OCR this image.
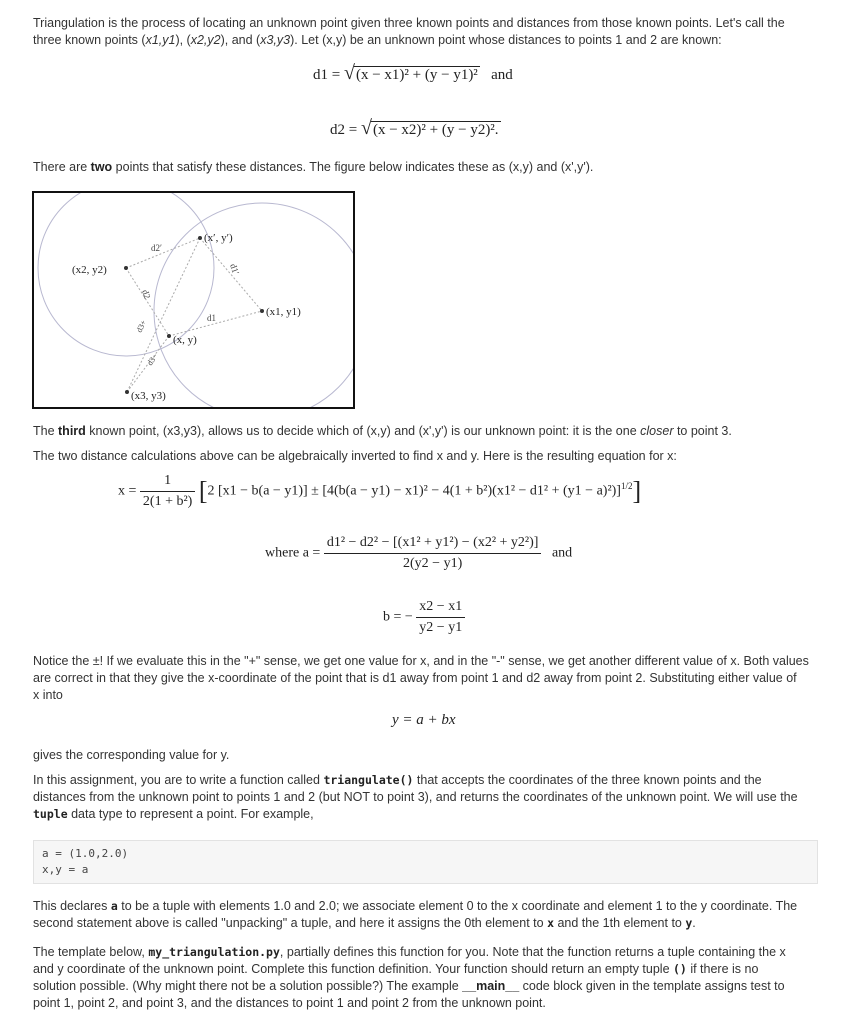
Triangulation is the process of locating an unknown point given three known points and distances from those known points. Let's call the
three known points (x1,y1), (x2,y2), and (x3,y3). Let (x,y) be an unknown point whose distances to points 1 and 2 are known:
d1 = √(x − x1)² + (y − y1)² and
d2 = √(x − x2)² + (y − y2)².
There are two points that satisfy these distances. The figure below indicates these as (x,y) and (x',y').
(x2, y2)
(x1, y1)
(x3, y3)
(x, y)
(x′, y′)
d2′
d1′
d1
d2
d3+
d3−
The third known point, (x3,y3), allows us to decide which of (x,y) and (x',y') is our unknown point: it is the one closer to point 3.
The two distance calculations above can be algebraically inverted to find x and y. Here is the resulting equation for x:
$x = \frac{1}{\text{2(1 + b²)}} [2$ $[x1 - b(a - y1)] \pm [4(b(a - y1) - x1)^2 - 4(1 + b^2)(x1^2 - d1^2 + (y1 - a)^2)]^{1/2}$]
where $a = \frac{\text{d1² − d2² − [(x1² + y1²) − (x2² + y2²)]}}{2(y2 - y1)}$ and
b = − $\frac{x2 - x1}{y2 - y1}$
Notice the ±! If we evaluate this in the "+" sense, we get one value for x, and in the "-" sense, we get another different value of x. Both values
are correct in that they give the x-coordinate of the point that is d1 away from point 1 and d2 away from point 2. Substituting either value of
x into
y = a + bx
gives the corresponding value for y.
In this assignment, you are to write a function called triangulate() that accepts the coordinates of the three known points and the
distances from the unknown point to points 1 and 2 (but NOT to point 3), and returns the coordinates of the unknown point. We will use the
tuple data type to represent a point. For example,
a = (1.0,2.0)
x,y = a
This declares a to be a tuple with elements 1.0 and 2.0; we associate element 0 to the x coordinate and element 1 to the y coordinate. The
second statement above is called "unpacking" a tuple, and here it assigns the 0th element to x and the 1th element to y.
The template below, my_triangulation.py, partially defines this function for you. Note that the function returns a tuple containing the x
and y coordinate of the unknown point. Complete this function definition. Your function should return an empty tuple () if there is no
solution possible. (Why might there not be a solution possible?) The example __main__ code block given in the template assigns test to
point 1, point 2, and point 3, and the distances to point 1 and point 2 from the unknown point.
